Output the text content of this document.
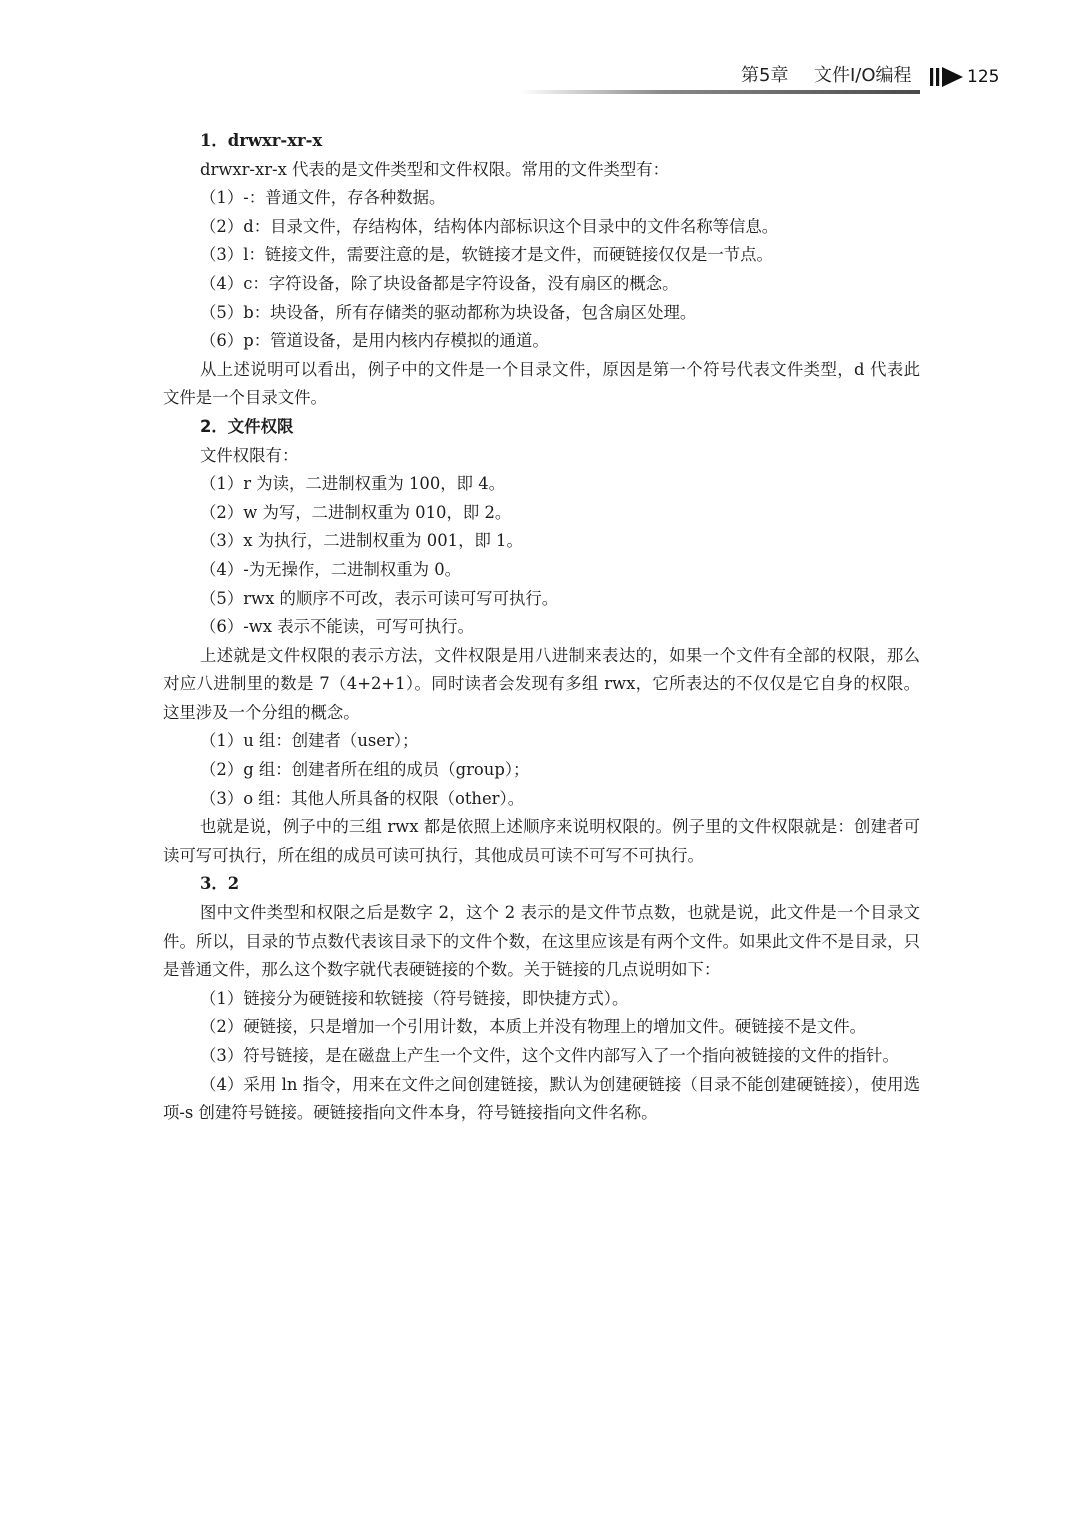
第5章 文件I/O编程	125

1．drwxr-xr-x

drwxr-xr-x 代表的是文件类型和文件权限。常用的文件类型有：

（1）-：普通文件，存各种数据。

（2）d：目录文件，存结构体，结构体内部标识这个目录中的文件名称等信息。

（3）l：链接文件，需要注意的是，软链接才是文件，而硬链接仅仅是一节点。

（4）c：字符设备，除了块设备都是字符设备，没有扇区的概念。

（5）b：块设备，所有存储类的驱动都称为块设备，包含扇区处理。

（6）p：管道设备，是用内核内存模拟的通道。

从上述说明可以看出，例子中的文件是一个目录文件，原因是第一个符号代表文件类型，d 代表此文件是一个目录文件。

2．文件权限

文件权限有：

（1）r 为读，二进制权重为 100，即 4。

（2）w 为写，二进制权重为 010，即 2。

（3）x 为执行，二进制权重为 001，即 1。

（4）-为无操作，二进制权重为 0。

（5）rwx 的顺序不可改，表示可读可写可执行。

（6）-wx 表示不能读，可写可执行。

上述就是文件权限的表示方法，文件权限是用八进制来表达的，如果一个文件有全部的权限，那么对应八进制里的数是 7（4+2+1）。同时读者会发现有多组 rwx，它所表达的不仅仅是它自身的权限。这里涉及一个分组的概念。

（1）u 组：创建者（user）；

（2）g 组：创建者所在组的成员（group）；

（3）o 组：其他人所具备的权限（other）。

也就是说，例子中的三组 rwx 都是依照上述顺序来说明权限的。例子里的文件权限就是：创建者可读可写可执行，所在组的成员可读可执行，其他成员可读不可写不可执行。

3．2

图中文件类型和权限之后是数字 2，这个 2 表示的是文件节点数，也就是说，此文件是一个目录文件。所以，目录的节点数代表该目录下的文件个数，在这里应该是有两个文件。如果此文件不是目录，只是普通文件，那么这个数字就代表硬链接的个数。关于链接的几点说明如下：

（1）链接分为硬链接和软链接（符号链接，即快捷方式）。

（2）硬链接，只是增加一个引用计数，本质上并没有物理上的增加文件。硬链接不是文件。

（3）符号链接，是在磁盘上产生一个文件，这个文件内部写入了一个指向被链接的文件的指针。

（4）采用 ln 指令，用来在文件之间创建链接，默认为创建硬链接（目录不能创建硬链接），使用选项-s 创建符号链接。硬链接指向文件本身，符号链接指向文件名称。
